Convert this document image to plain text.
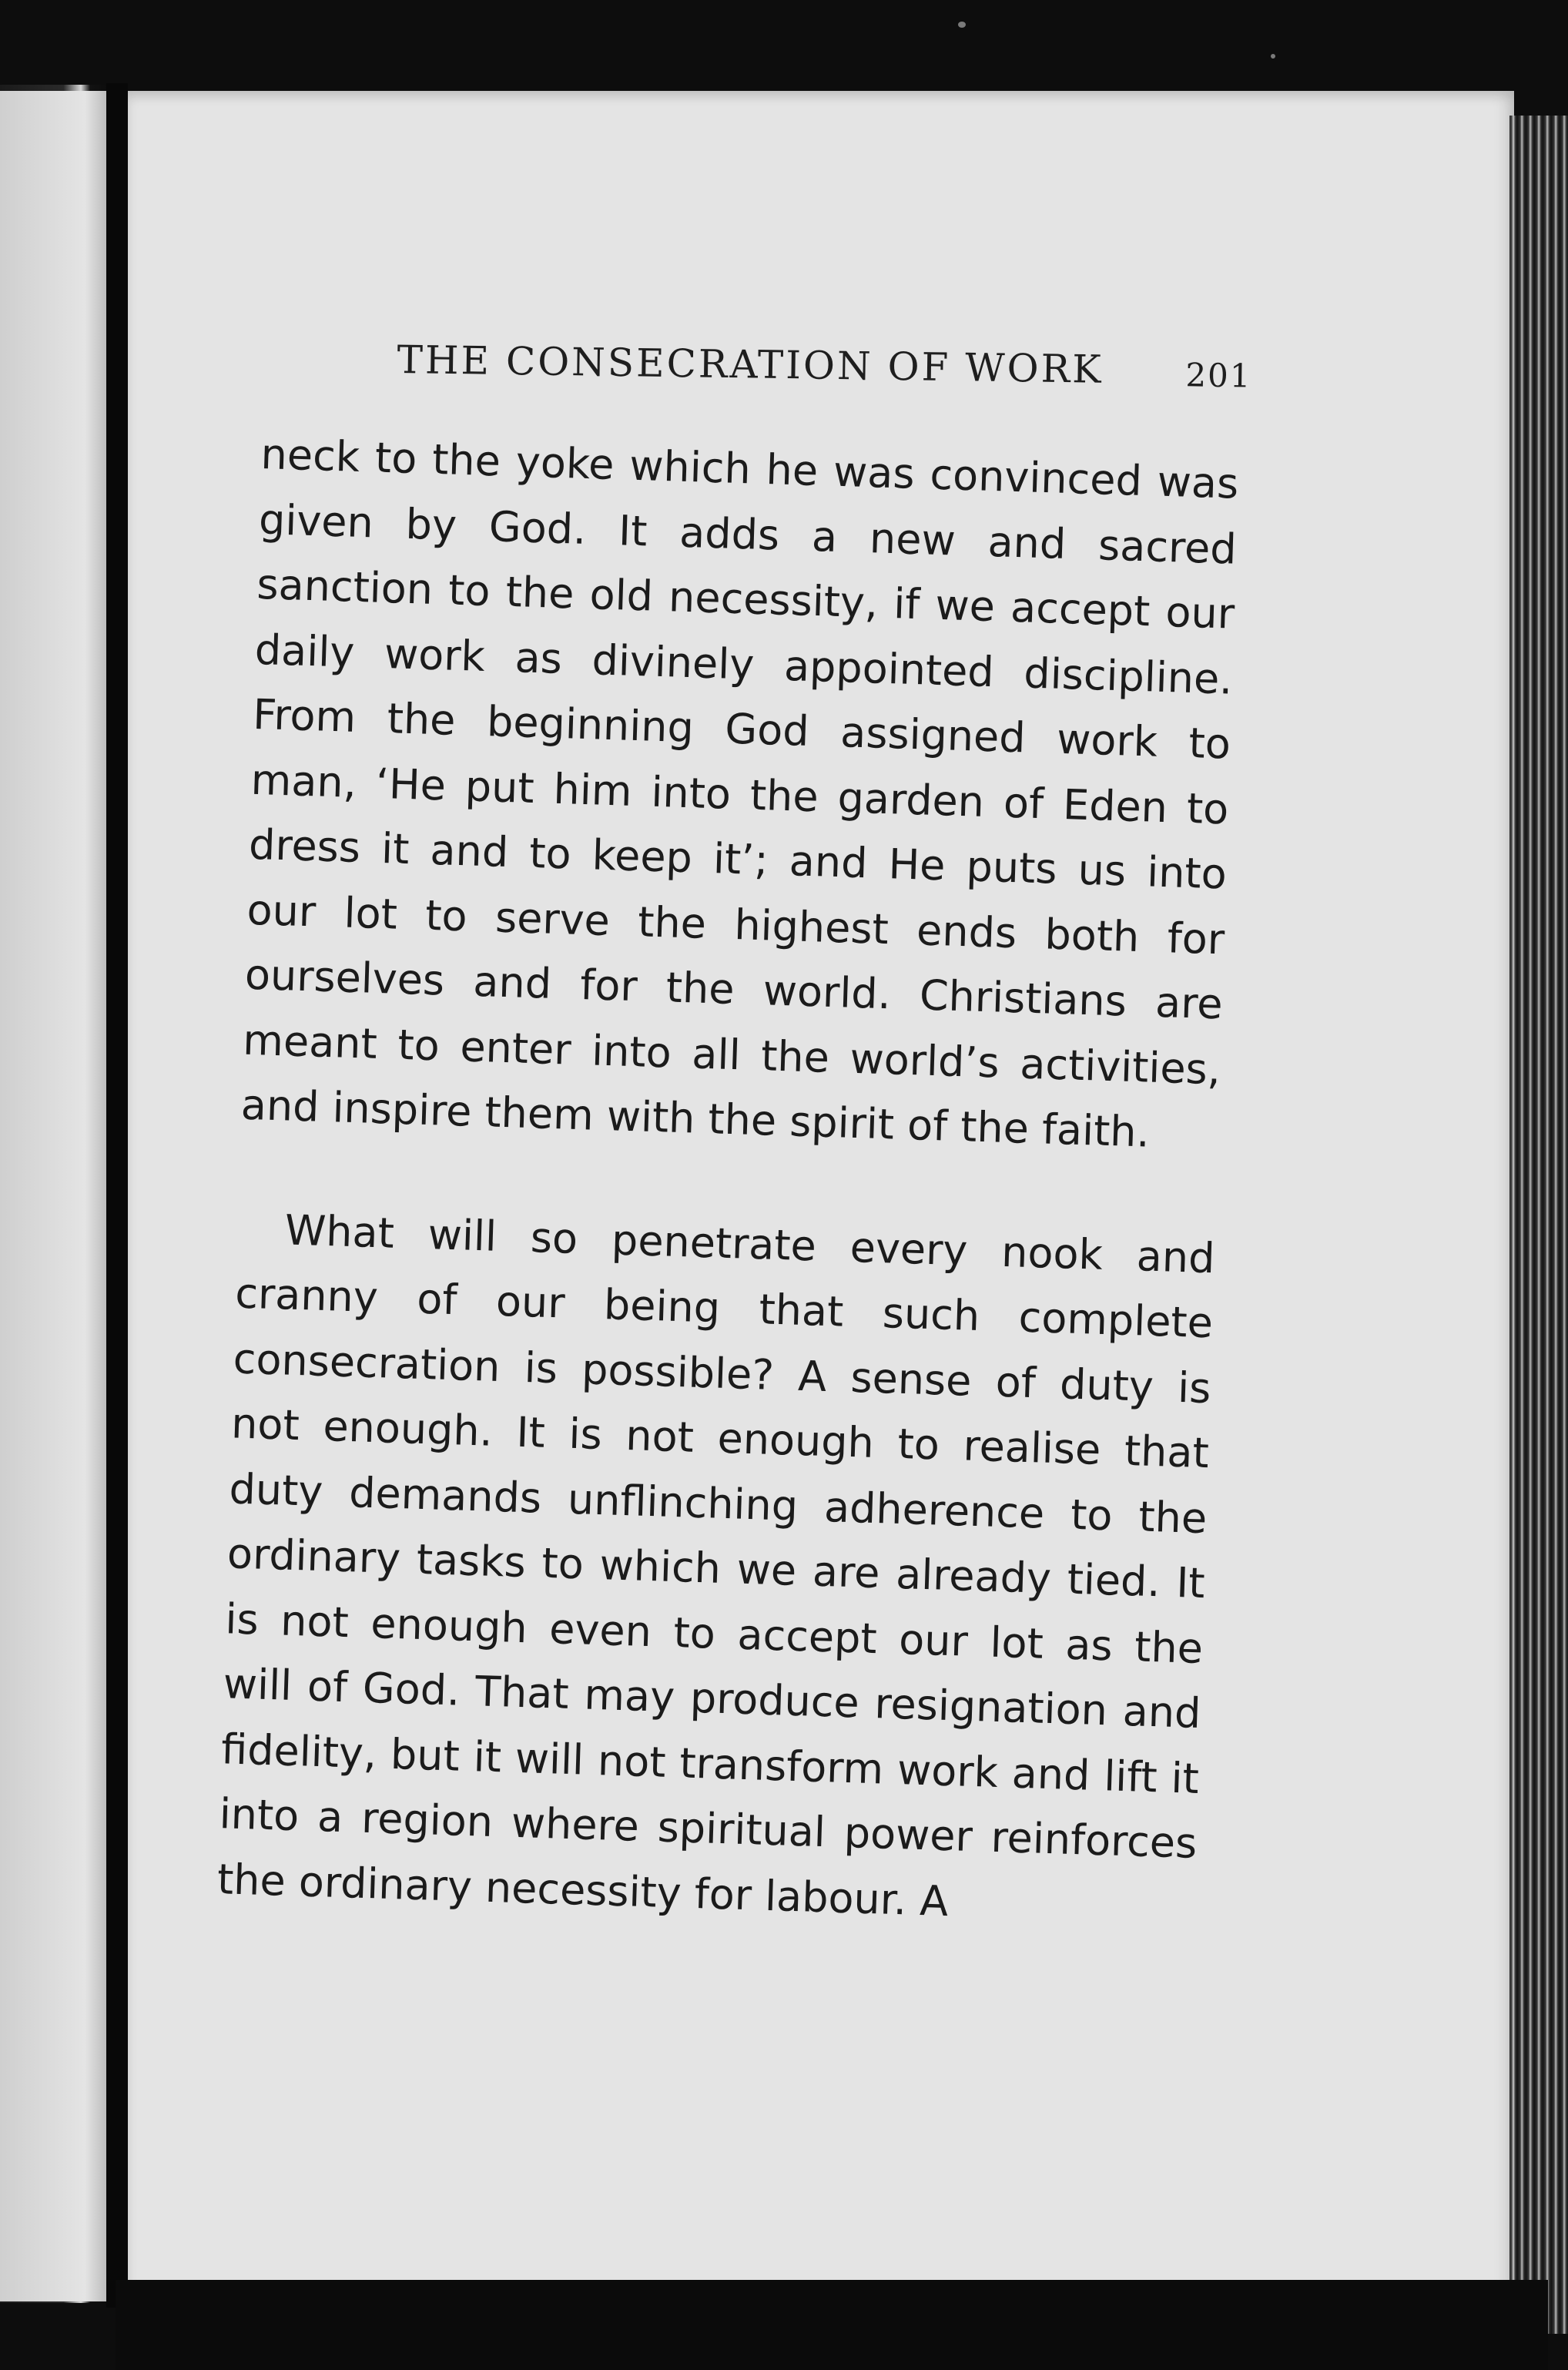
THE CONSECRATION OF WORK	201

neck to the yoke which he was convinced was given by God. It adds a new and sacred sanction to the old necessity, if we accept our daily work as divinely appointed discipline. From the beginning God assigned work to man, ‘He put him into the garden of Eden to dress it and to keep it’; and He puts us into our lot to serve the highest ends both for ourselves and for the world. Christians are meant to enter into all the world’s activities, and inspire them with the spirit of the faith.

What will so penetrate every nook and cranny of our being that such complete consecration is possible? A sense of duty is not enough. It is not enough to realise that duty demands unflinching adherence to the ordinary tasks to which we are already tied. It is not enough even to accept our lot as the will of God. That may produce resignation and fidelity, but it will not transform work and lift it into a region where spiritual power reinforces the ordinary necessity for labour. A
